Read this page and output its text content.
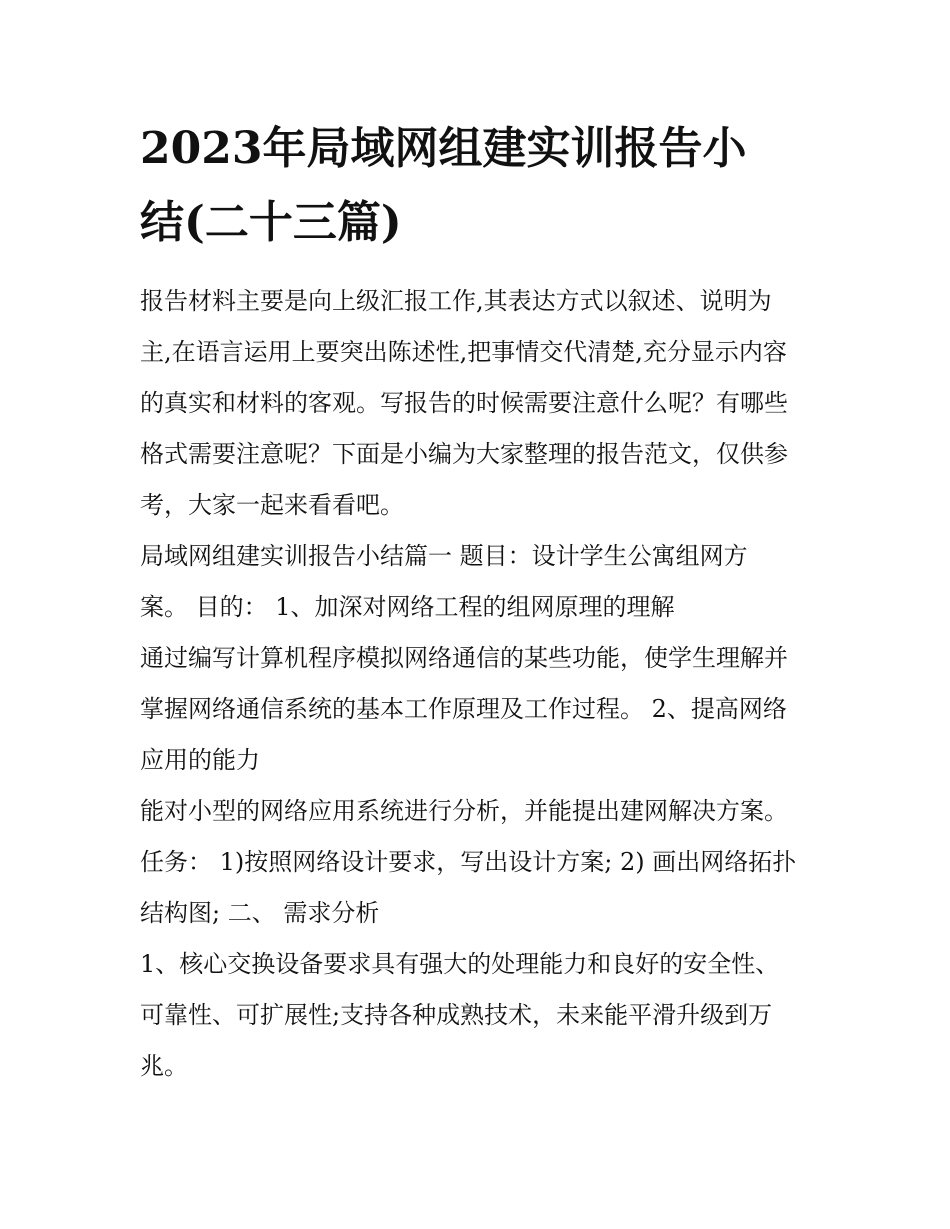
2023年局域网组建实训报告小
结(二十三篇)

报告材料主要是向上级汇报工作,其表达方式以叙述、说明为
主,在语言运用上要突出陈述性,把事情交代清楚,充分显示内容
的真实和材料的客观。写报告的时候需要注意什么呢？有哪些
格式需要注意呢？下面是小编为大家整理的报告范文，仅供参
考，大家一起来看看吧。

局域网组建实训报告小结篇一 题目：设计学生公寓组网方
案。 目的： 1、加深对网络工程的组网原理的理解

通过编写计算机程序模拟网络通信的某些功能，使学生理解并
掌握网络通信系统的基本工作原理及工作过程。 2、提高网络
应用的能力

能对小型的网络应用系统进行分析，并能提出建网解决方案。
任务： 1)按照网络设计要求，写出设计方案; 2) 画出网络拓扑
结构图; 二、 需求分析

1、核心交换设备要求具有强大的处理能力和良好的安全性、
可靠性、可扩展性;支持各种成熟技术，未来能平滑升级到万
兆。
